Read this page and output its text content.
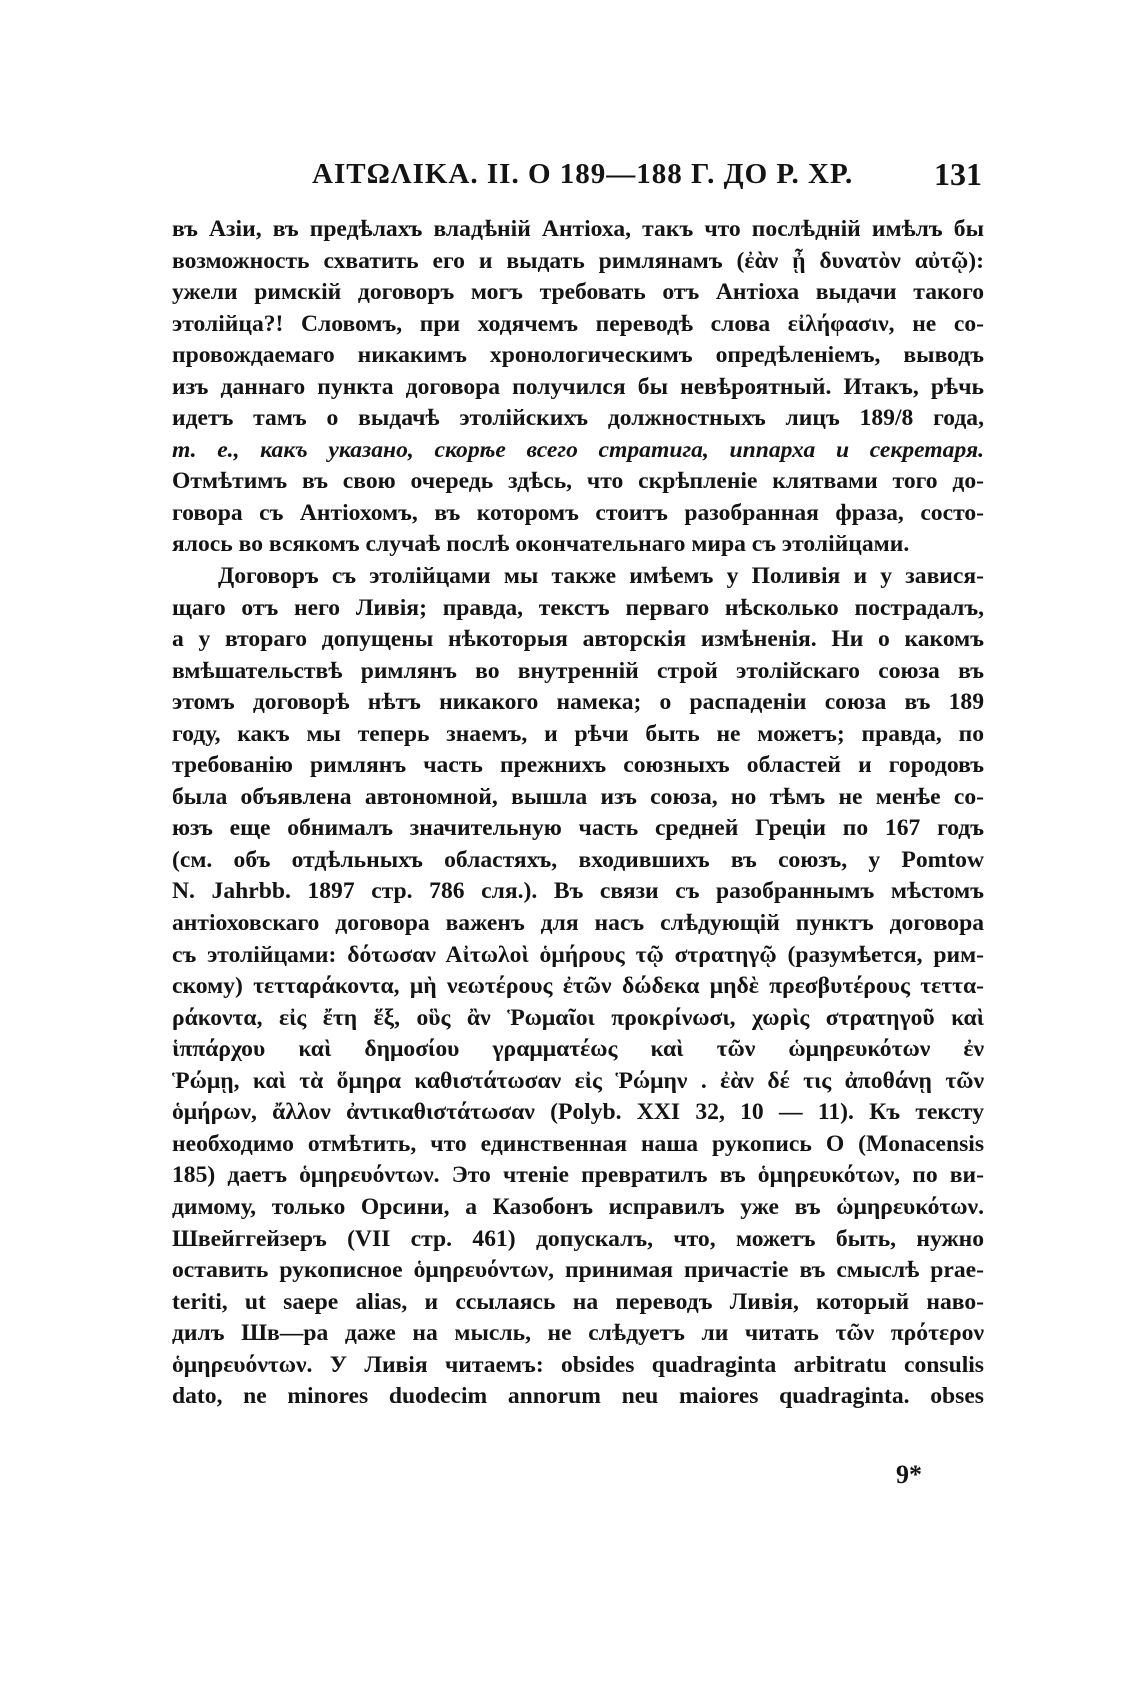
AITΩΛIKA. II. O 189—188 Г. ДО Р. ХР.	131
въ Азіи, въ предѣлахъ владѣній Антіоха, такъ что послѣдній имѣлъ бы
возможность схватить его и выдать римлянамъ (ἐὰν ᾖ δυνατὸν αὐτῷ):
ужели римскій договоръ могъ требовать отъ Антіоха выдачи такого
этолійца?! Словомъ, при ходячемъ переводѣ слова εἰλήφασιν, не со-
провождаемаго никакимъ хронологическимъ опредѣленіемъ, выводъ
изъ даннаго пункта договора получился бы невѣроятный. Итакъ, рѣчь
идетъ тамъ о выдачѣ этолійскихъ должностныхъ лицъ 189/8 года,
т. е., какъ указано, скорѣе всего стратига, иппарха и секретаря.
Отмѣтимъ въ свою очередь здѣсь, что скрѣпленіе клятвами того до-
говора съ Антіохомъ, въ которомъ стоитъ разобранная фраза, состо-
ялось во всякомъ случаѣ послѣ окончательнаго мира съ этолійцами.
Договоръ съ этолійцами мы также имѣемъ у Поливія и у завися-
щаго отъ него Ливія; правда, текстъ перваго нѣсколько пострадалъ,
а у втораго допущены нѣкоторыя авторскія измѣненія. Ни о какомъ
вмѣшательствѣ римлянъ во внутренній строй этолійскаго союза въ
этомъ договорѣ нѣтъ никакого намека; о распаденіи союза въ 189
году, какъ мы теперь знаемъ, и рѣчи быть не можетъ; правда, по
требованію римлянъ часть прежнихъ союзныхъ областей и городовъ
была объявлена автономной, вышла изъ союза, но тѣмъ не менѣе со-
юзъ еще обнималъ значительную часть средней Греціи по 167 годъ
(см. объ отдѣльныхъ областяхъ, входившихъ въ союзъ, у Pomtow
N. Jahrbb. 1897 стр. 786 сля.). Въ связи съ разобраннымъ мѣстомъ
антіоховскаго договора важенъ для насъ слѣдующій пунктъ договора
съ этолійцами: δότωσαν Αἰτωλοὶ ὁμήρους τῷ στρατηγῷ (разумѣется, рим-
скому) τετταράκοντα, μὴ νεωτέρους ἐτῶν δώδεκα μηδὲ πρεσβυτέρους τεττα-
ράκοντα, εἰς ἔτη ἕξ, οὓς ἂν Ῥωμαῖοι προκρίνωσι, χωρὶς στρατηγοῦ καὶ
ἱππάρχου καὶ δημοσίου γραμματέως καὶ τῶν ὡμηρευκότων ἐν
Ῥώμῃ, καὶ τὰ ὅμηρα καθιστάτωσαν εἰς Ῥώμην . ἐὰν δέ τις ἀποθάνῃ τῶν
ὁμήρων, ἄλλον ἀντικαθιστάτωσαν (Polyb. XXI 32, 10 — 11). Къ тексту
необходимо отмѣтить, что единственная наша рукопись О (Monacensis
185) даетъ ὁμηρευόντων. Это чтеніе превратилъ въ ὁμηρευκότων, по ви-
димому, только Орсини, а Казобонъ исправилъ уже въ ὡμηρευκότων.
Швейггейзеръ (VII стр. 461) допускалъ, что, можетъ быть, нужно
оставить рукописное ὁμηρευόντων, принимая причастіе въ смыслѣ prae-
teriti, ut saepe alias, и ссылаясь на переводъ Ливія, который наво-
дилъ Шв—ра даже на мысль, не слѣдуетъ ли читать τῶν πρότερον
ὁμηρευόντων. У Ливія читаемъ: obsides quadraginta arbitratu consulis
dato, ne minores duodecim annorum neu maiores quadraginta. obses
9*
